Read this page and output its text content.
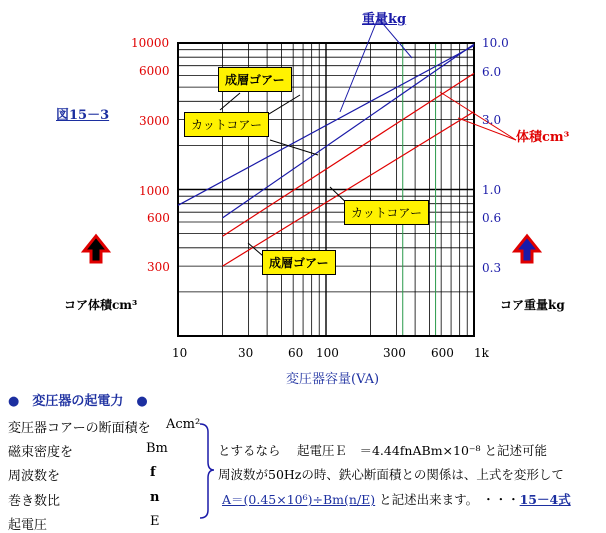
10000
6000
3000
1000
600
300
10.0
6.0
3.0
1.0
0.6
0.3
10	30	60 100	300 600 1k
変圧器容量(VA)
コア体積cm³	コア重量kg
図15－3
重量kg
体積cm³
成層ゴアー
カットコアー
カットコアー
成層ゴアー
●　変圧器の起電力　●
変圧器コアーの断面積を Acm²
磁束密度を	Bm
周波数を	f
巻き数比	n
起電圧	E
とするなら　 起電圧Ｅ　＝4.44fnABm×10⁻⁸ と記述可能
周波数が50Hzの時、鉄心断面積との関係は、上式を変形して
A＝(0.45×10⁶)÷Bm(n/E) と記述出来ます。 ・・・15－4式
